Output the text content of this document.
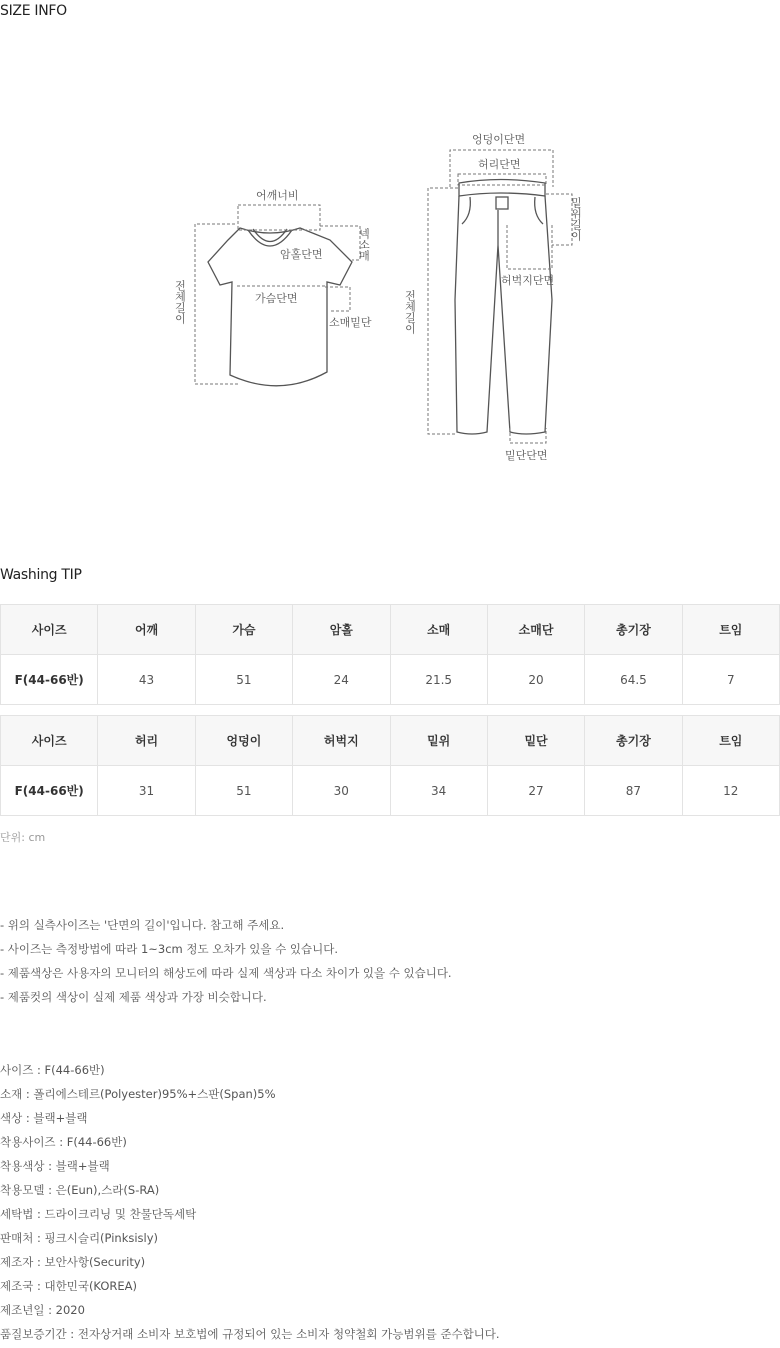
SIZE INFO
어깨너비
암홀단면
가슴단면
소매밑단
넥소매
전체길이
엉덩이단면
허리단면
밑위길이
허벅지단면
전체길이
밑단단면
Washing TIP
사이즈	어깨	가슴	암홀	소매	소매단	총기장	트임
F(44-66반)	43	51	24	21.5	20	64.5	7
사이즈	허리	엉덩이	허벅지	밑위	밑단	총기장	트임
F(44-66반)	31	51	30	34	27	87	12
단위: cm
- 위의 실측사이즈는 '단면의 길이'입니다. 참고해 주세요.
- 사이즈는 측정방법에 따라 1~3cm 정도 오차가 있을 수 있습니다.
- 제품색상은 사용자의 모니터의 해상도에 따라 실제 색상과 다소 차이가 있을 수 있습니다.
- 제품컷의 색상이 실제 제품 색상과 가장 비슷합니다.
사이즈 : F(44-66반)
소재 : 폴리에스테르(Polyester)95%+스판(Span)5%
색상 : 블랙+블랙
착용사이즈 : F(44-66반)
착용색상 : 블랙+블랙
착용모델 : 은(Eun),스라(S-RA)
세탁법 : 드라이크리닝 및 찬물단독세탁
판매처 : 핑크시슬리(Pinksisly)
제조자 : 보안사항(Security)
제조국 : 대한민국(KOREA)
제조년일 : 2020
품질보증기간 : 전자상거래 소비자 보호법에 규정되어 있는 소비자 청약철회 가능범위를 준수합니다.
